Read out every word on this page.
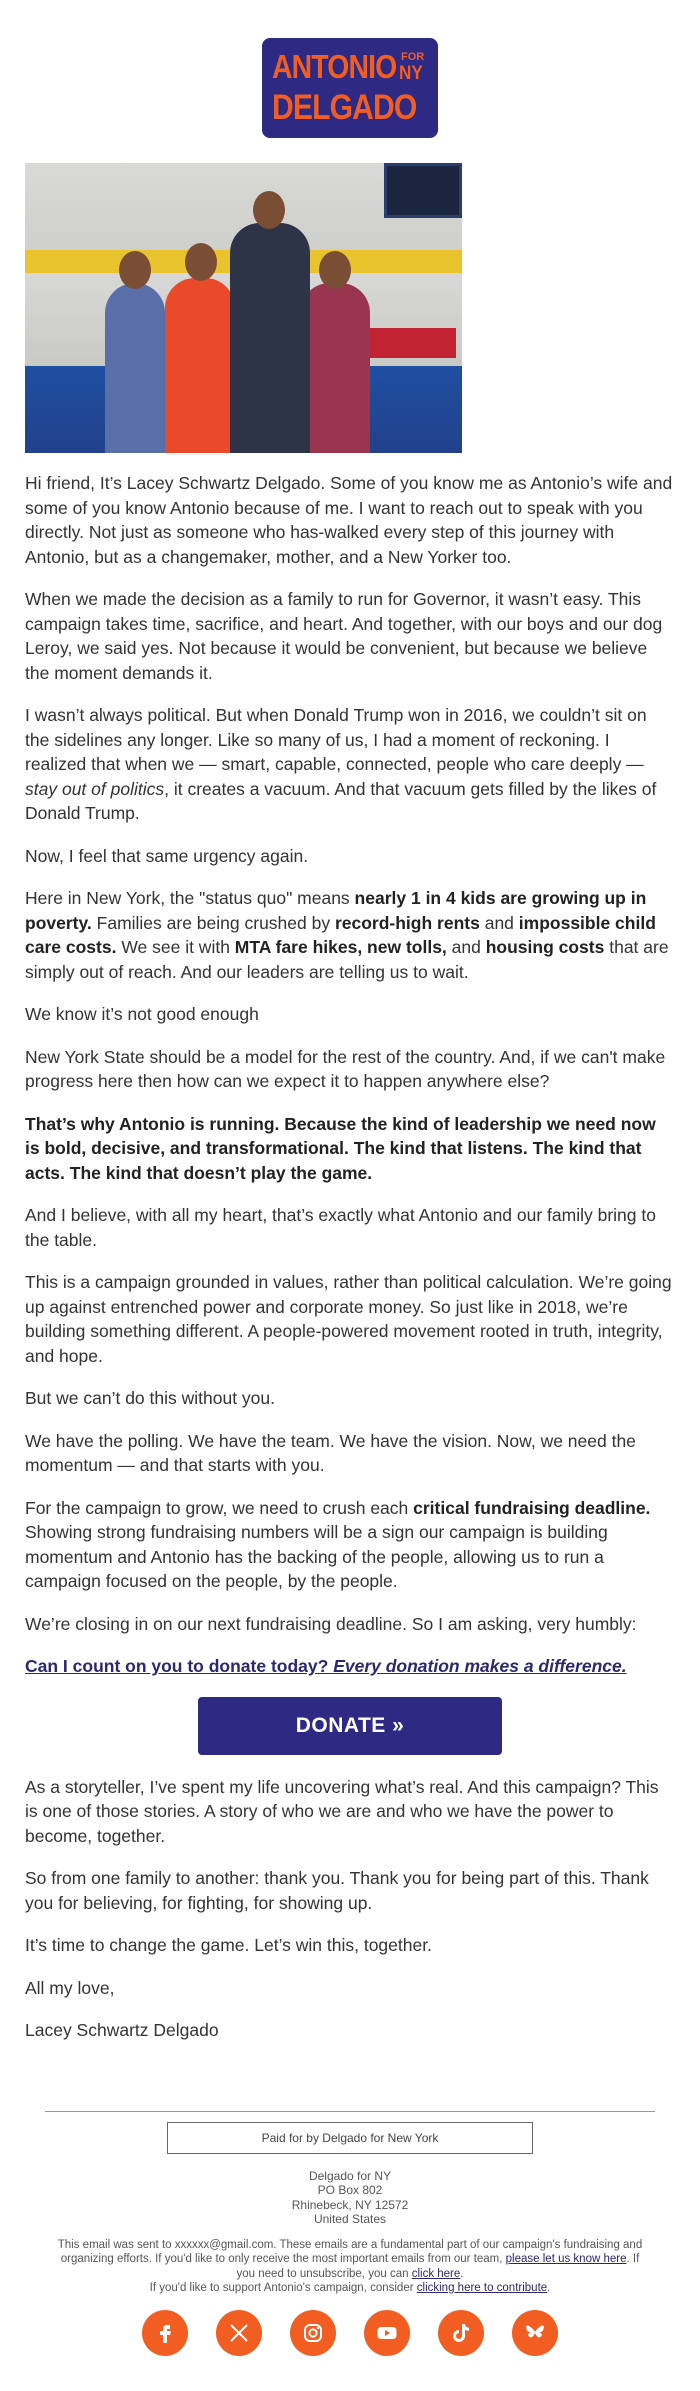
ANTONIO FOR
NY
DELGADO

Hi friend, It’s Lacey Schwartz Delgado. Some of you know me as Antonio’s wife and some of you know Antonio because of me. I want to reach out to speak with you directly. Not just as someone who has-walked every step of this journey with Antonio, but as a changemaker, mother, and a New Yorker too.

When we made the decision as a family to run for Governor, it wasn’t easy. This campaign takes time, sacrifice, and heart. And together, with our boys and our dog Leroy, we said yes. Not because it would be convenient, but because we believe the moment demands it.

I wasn’t always political. But when Donald Trump won in 2016, we couldn’t sit on the sidelines any longer. Like so many of us, I had a moment of reckoning. I realized that when we — smart, capable, connected, people who care deeply — stay out of politics, it creates a vacuum. And that vacuum gets filled by the likes of Donald Trump.

Now, I feel that same urgency again.

Here in New York, the "status quo" means nearly 1 in 4 kids are growing up in poverty. Families are being crushed by record-high rents and impossible child care costs. We see it with MTA fare hikes, new tolls, and housing costs that are simply out of reach. And our leaders are telling us to wait.

We know it’s not good enough

New York State should be a model for the rest of the country. And, if we can't make progress here then how can we expect it to happen anywhere else?

That’s why Antonio is running. Because the kind of leadership we need now is bold, decisive, and transformational. The kind that listens. The kind that acts. The kind that doesn’t play the game.

And I believe, with all my heart, that’s exactly what Antonio and our family bring to the table.

This is a campaign grounded in values, rather than political calculation. We’re going up against entrenched power and corporate money. So just like in 2018, we’re building something different. A people-powered movement rooted in truth, integrity, and hope.

But we can’t do this without you.

We have the polling. We have the team. We have the vision. Now, we need the momentum — and that starts with you.

For the campaign to grow, we need to crush each critical fundraising deadline. Showing strong fundraising numbers will be a sign our campaign is building momentum and Antonio has the backing of the people, allowing us to run a campaign focused on the people, by the people.

We’re closing in on our next fundraising deadline. So I am asking, very humbly:

Can I count on you to donate today? Every donation makes a difference.

DONATE »

As a storyteller, I’ve spent my life uncovering what’s real. And this campaign? This is one of those stories. A story of who we are and who we have the power to become, together.

So from one family to another: thank you. Thank you for being part of this. Thank you for believing, for fighting, for showing up.

It’s time to change the game. Let’s win this, together.

All my love,

Lacey Schwartz Delgado

Paid for by Delgado for New York
Delgado for NY
PO Box 802
Rhinebeck, NY 12572
United States
This email was sent to xxxxxx@gmail.com. These emails are a fundamental part of our campaign's fundraising and organizing efforts. If you'd like to only receive the most important emails from our team, please let us know here. If you need to unsubscribe, you can click here.
If you'd like to support Antonio's campaign, consider clicking here to contribute.
